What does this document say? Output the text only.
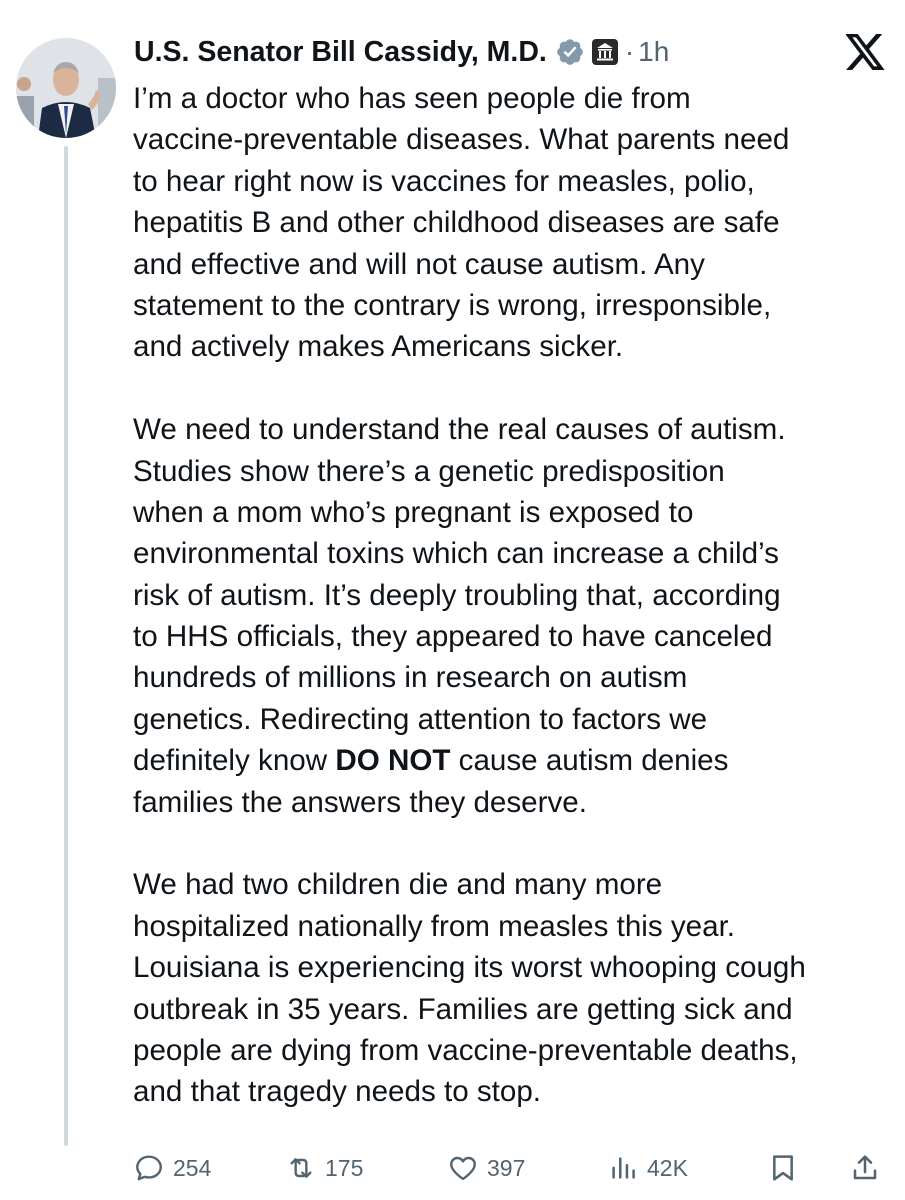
U.S. Senator Bill Cassidy, M.D.	· 1h
I’m a doctor who has seen people die from
vaccine-preventable diseases. What parents need
to hear right now is vaccines for measles, polio,
hepatitis B and other childhood diseases are safe
and effective and will not cause autism. Any
statement to the contrary is wrong, irresponsible,
and actively makes Americans sicker.
We need to understand the real causes of autism.
Studies show there’s a genetic predisposition
when a mom who’s pregnant is exposed to
environmental toxins which can increase a child’s
risk of autism. It’s deeply troubling that, according
to HHS officials, they appeared to have canceled
hundreds of millions in research on autism
genetics. Redirecting attention to factors we
definitely know DO NOT cause autism denies
families the answers they deserve.
We had two children die and many more
hospitalized nationally from measles this year.
Louisiana is experiencing its worst whooping cough
outbreak in 35 years. Families are getting sick and
people are dying from vaccine-preventable deaths,
and that tragedy needs to stop.
254	175	397	42K
